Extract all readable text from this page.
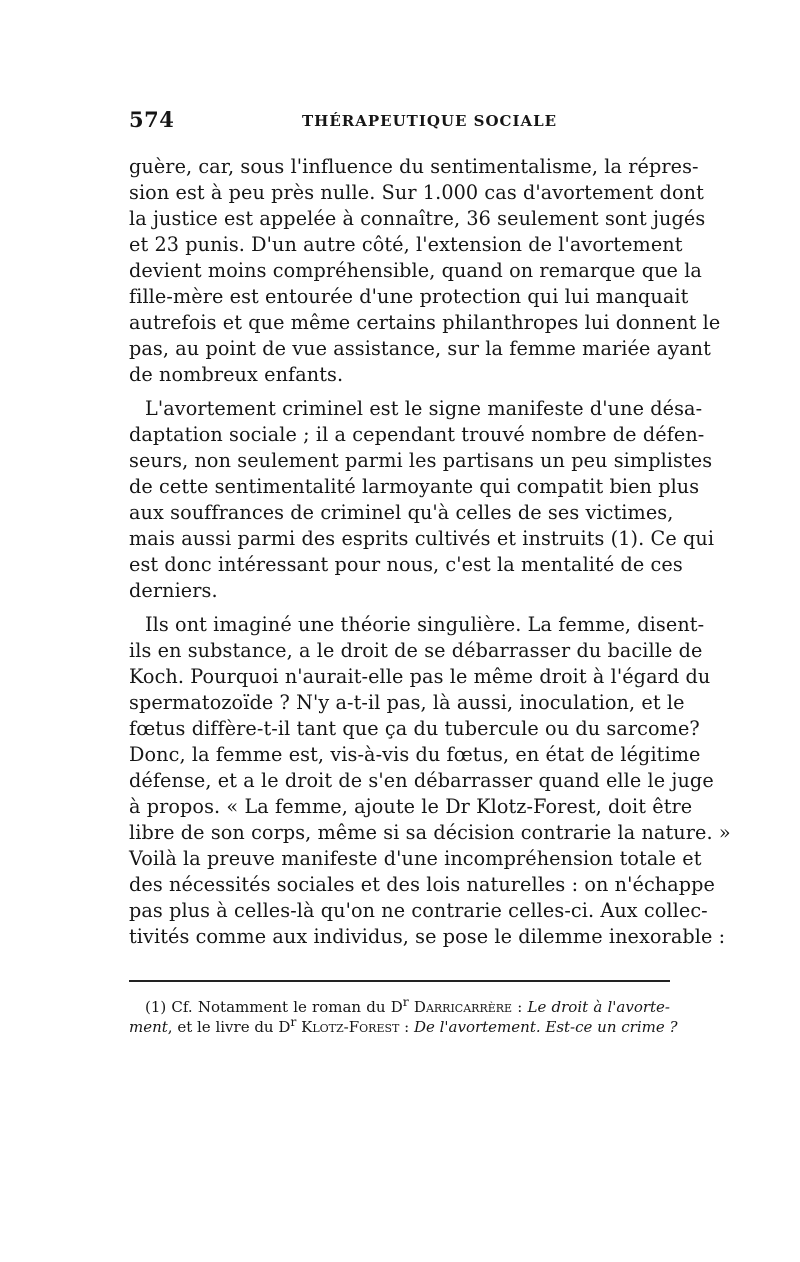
574	THÉRAPEUTIQUE SOCIALE
guère, car, sous l'influence du sentimentalisme, la répres-
sion est à peu près nulle. Sur 1.000 cas d'avortement dont
la justice est appelée à connaître, 36 seulement sont jugés
et 23 punis. D'un autre côté, l'extension de l'avortement
devient moins compréhensible, quand on remarque que la
fille-mère est entourée d'une protection qui lui manquait
autrefois et que même certains philanthropes lui donnent le
pas, au point de vue assistance, sur la femme mariée ayant
de nombreux enfants.
L'avortement criminel est le signe manifeste d'une désa-
daptation sociale ; il a cependant trouvé nombre de défen-
seurs, non seulement parmi les partisans un peu simplistes
de cette sentimentalité larmoyante qui compatit bien plus
aux souffrances de criminel qu'à celles de ses victimes,
mais aussi parmi des esprits cultivés et instruits (1). Ce qui
est donc intéressant pour nous, c'est la mentalité de ces
derniers.
Ils ont imaginé une théorie singulière. La femme, disent-
ils en substance, a le droit de se débarrasser du bacille de
Koch. Pourquoi n'aurait-elle pas le même droit à l'égard du
spermatozoïde ? N'y a-t-il pas, là aussi, inoculation, et le
fœtus diffère-t-il tant que ça du tubercule ou du sarcome?
Donc, la femme est, vis-à-vis du fœtus, en état de légitime
défense, et a le droit de s'en débarrasser quand elle le juge
à propos. « La femme, ajoute le Dr Klotz-Forest, doit être
libre de son corps, même si sa décision contrarie la nature. »
Voilà la preuve manifeste d'une incompréhension totale et
des nécessités sociales et des lois naturelles : on n'échappe
pas plus à celles-là qu'on ne contrarie celles-ci. Aux collec-
tivités comme aux individus, se pose le dilemme inexorable :
(1) Cf. Notamment le roman du $D^r$ Darricarrère : Le droit à l'avorte-
ment, et le livre du $D^r$ Klotz-Forest : De l'avortement. Est-ce un crime ?
